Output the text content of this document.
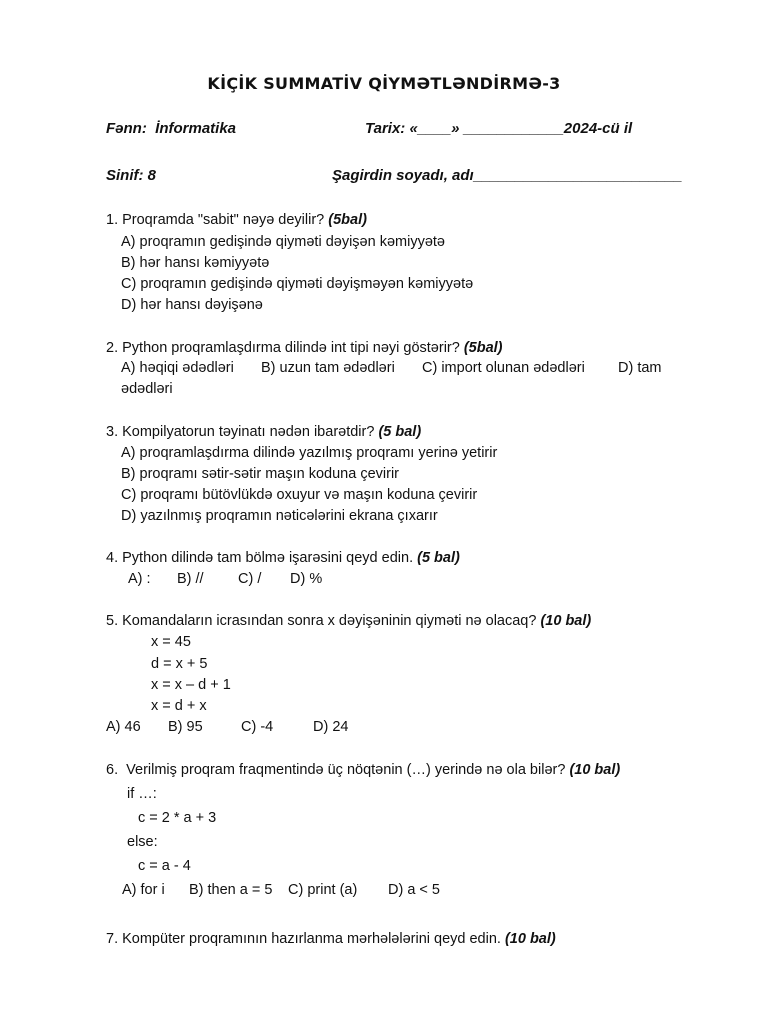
KİÇİK SUMMATİV QİYMƏTLƏNDİRMƏ-3
Fənn:  İnformatika	Tarix: «____» ____________2024-cü il
Sinif: 8	Şagirdin soyadı, adı_________________________
1. Proqramda "sabit" nəyə deyilir? (5bal)
A) proqramın gedişində qiyməti dəyişən kəmiyyətə
B) hər hansı kəmiyyətə
C) proqramın gedişində qiyməti dəyişməyən kəmiyyətə
D) hər hansı dəyişənə
2. Python proqramlaşdırma dilində int tipi nəyi göstərir? (5bal)
A) həqiqi ədədləri B) uzun tam ədədləri C) import olunan ədədləri D) tam
ədədləri
3. Kompilyatorun təyinatı nədən ibarətdir? (5 bal)
A) proqramlaşdırma dilində yazılmış proqramı yerinə yetirir
B) proqramı sətir-sətir maşın koduna çevirir
C) proqramı bütövlükdə oxuyur və maşın koduna çevirir
D) yazılnmış proqramın nəticələrini ekrana çıxarır
4. Python dilində tam bölmə işarəsini qeyd edin. (5 bal)
A) : B) // C) / D) %
5. Komandaların icrasından sonra x dəyişəninin qiyməti nə olacaq? (10 bal)
x = 45
d = x + 5
x = x – d + 1
x = d + x
A) 46 B) 95	C) -4	D) 24
6.  Verilmiş proqram fraqmentində üç nöqtənin (…) yerində nə ola bilər? (10 bal)
if …:
c = 2 * a + 3
else:
c = a - 4
A) for i B) then a = 5 C) print (a) D) a < 5
7. Kompüter proqramının hazırlanma mərhələlərini qeyd edin. (10 bal)
